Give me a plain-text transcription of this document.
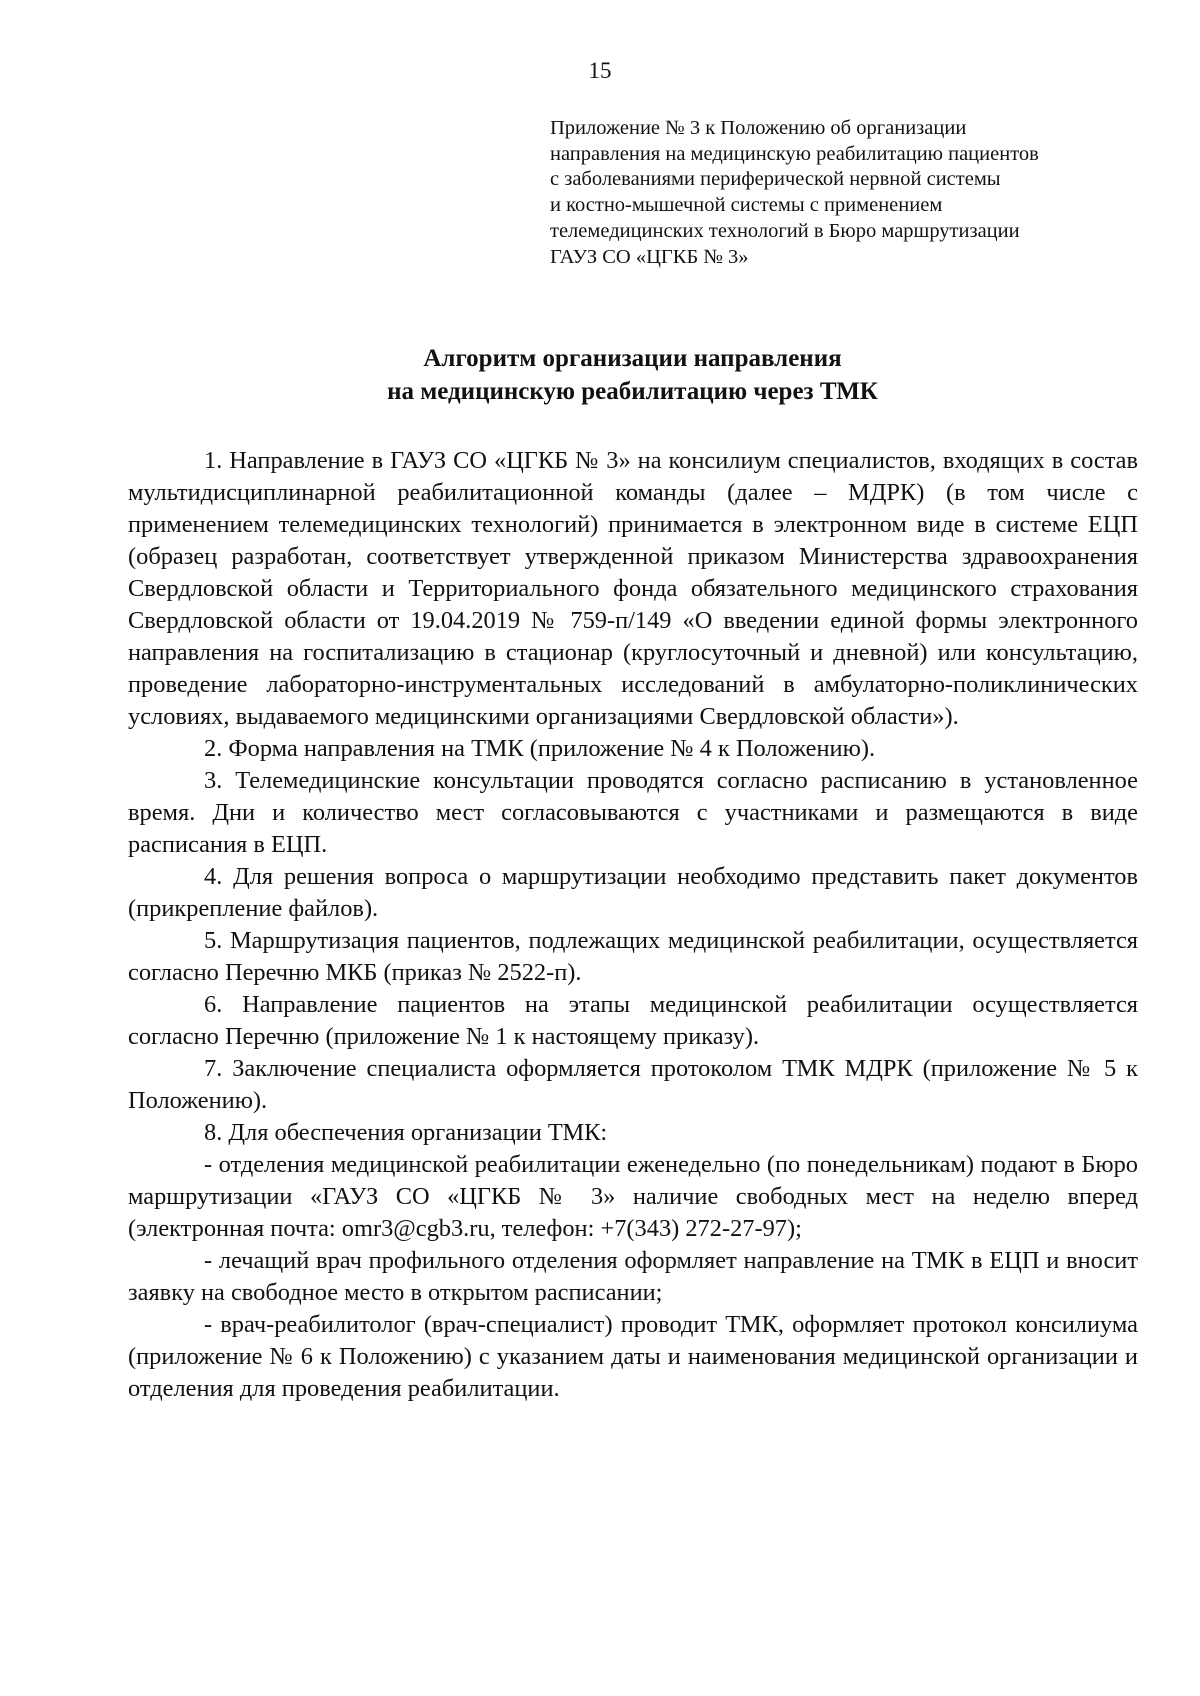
15
Приложение № 3 к Положению об организации
направления на медицинскую реабилитацию пациентов
с заболеваниями периферической нервной системы
и костно-мышечной системы с применением
телемедицинских технологий в Бюро маршрутизации
ГАУЗ СО «ЦГКБ № 3»
Алгоритм организации направления
на медицинскую реабилитацию через ТМК

1. Направление в ГАУЗ СО «ЦГКБ № 3» на консилиум специалистов, входящих в состав мультидисциплинарной реабилитационной команды (далее – МДРК) (в том числе с применением телемедицинских технологий) принимается в электронном виде в системе ЕЦП (образец разработан, соответствует утвержденной приказом Министерства здравоохранения Свердловской области и Территориального фонда обязательного медицинского страхования Свердловской области от 19.04.2019 № 759-п/149 «О введении единой формы электронного направления на госпитализацию в стационар (круглосуточный и дневной) или консультацию, проведение лабораторно-инструментальных исследований в амбулаторно-поликлинических условиях, выдаваемого медицинскими организациями Свердловской области»).

2. Форма направления на ТМК (приложение № 4 к Положению).

3. Телемедицинские консультации проводятся согласно расписанию в установленное время. Дни и количество мест согласовываются с участниками и размещаются в виде расписания в ЕЦП.

4. Для решения вопроса о маршрутизации необходимо представить пакет документов (прикрепление файлов).

5. Маршрутизация пациентов, подлежащих медицинской реабилитации, осуществляется согласно Перечню МКБ (приказ № 2522-п).

6. Направление пациентов на этапы медицинской реабилитации осуществляется согласно Перечню (приложение № 1 к настоящему приказу).

7. Заключение специалиста оформляется протоколом ТМК МДРК (приложение № 5 к Положению).

8. Для обеспечения организации ТМК:

- отделения медицинской реабилитации еженедельно (по понедельникам) подают в Бюро маршрутизации «ГАУЗ СО «ЦГКБ № 3» наличие свободных мест на неделю вперед (электронная почта: omr3@cgb3.ru, телефон: +7(343) 272-27-97);

- лечащий врач профильного отделения оформляет направление на ТМК в ЕЦП и вносит заявку на свободное место в открытом расписании;

- врач-реабилитолог (врач-специалист) проводит ТМК, оформляет протокол консилиума (приложение № 6 к Положению) с указанием даты и наименования медицинской организации и отделения для проведения реабилитации.
